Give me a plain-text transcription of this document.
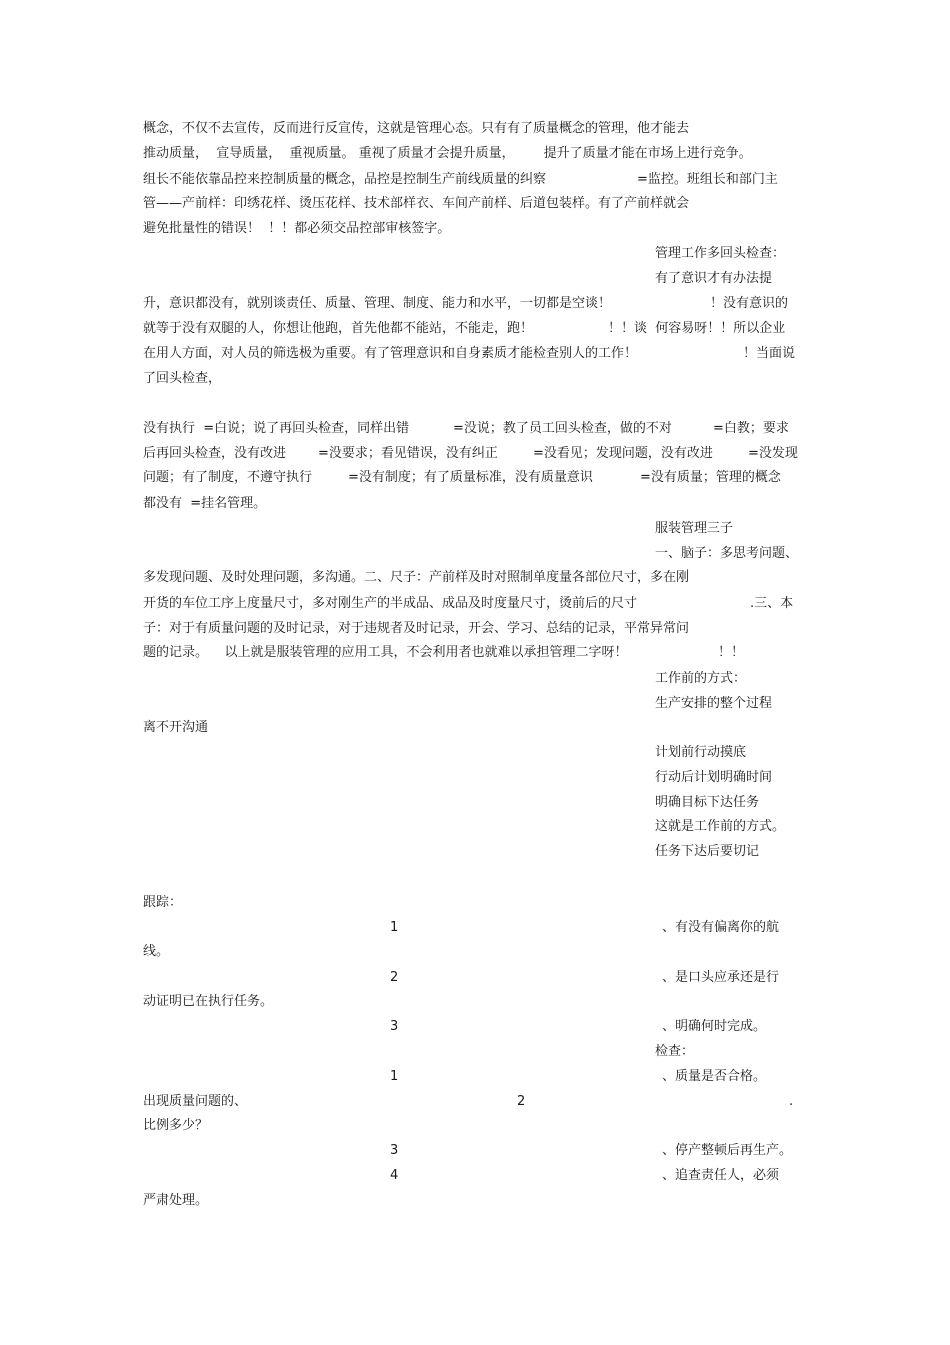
概念，不仅不去宣传，反而进行反宣传，这就是管理心态。只有有了质量概念的管理，他才能去
推动质量，  宣导质量，  重视质量。 重视了质量才会提升质量，       提升了质量才能在市场上进行竞争。
组长不能依靠品控来控制质量的概念，品控是控制生产前线质量的纠察	=监控。班组长和部门主
管——产前样：印绣花样、烫压花样、技术部样衣、车间产前样、后道包装样。有了产前样就会
避免批量性的错误！  ！！都必须交品控部审核签字。
管理工作多回头检查：
有了意识才有办法提
升，意识都没有，就别谈责任、质量、管理、制度、能力和水平，一切都是空谈！	！没有意识的
就等于没有双腿的人，你想让他跑，首先他都不能站，不能走，跑！	！！谈  何容易呀！！所以企业
在用人方面，对人员的筛选极为重要。有了管理意识和自身素质才能检查别人的工作！	！当面说
了回头检查，
没有执行  =白说；说了再回头检查，同样出错	=没说；教了员工回头检查，做的不对	=白教；要求
后再回头检查，没有改进 =没要求；看见错误，没有纠正	=没看见；发现问题，没有改进	=没发现
问题；有了制度，不遵守执行	=没有制度；有了质量标准，没有质量意识	=没有质量；管理的概念
都没有  =挂名管理。
服装管理三子
一、脑子：多思考问题、
多发现问题、及时处理问题，多沟通。二、尺子：产前样及时对照制单度量各部位尺寸，多在刚
开货的车位工序上度量尺寸，多对刚生产的半成品、成品及时度量尺寸，烫前后的尺寸	.三、本
子：对于有质量问题的及时记录，对于违规者及时记录，开会、学习、总结的记录，平常异常问
题的记录。    以上就是服装管理的应用工具，不会利用者也就难以承担管理二字呀！	！！
工作前的方式：
生产安排的整个过程
离不开沟通
计划前行动摸底
行动后计划明确时间
明确目标下达任务
这就是工作前的方式。
任务下达后要切记
跟踪：
1	、有没有偏离你的航
线。
2	、是口头应承还是行
动证明已在执行任务。
3	、明确何时完成。
检查：
1	、质量是否合格。
出现质量问题的、	2	.
比例多少？
3	、停产整顿后再生产。
4	、追查责任人，必须
严肃处理。
